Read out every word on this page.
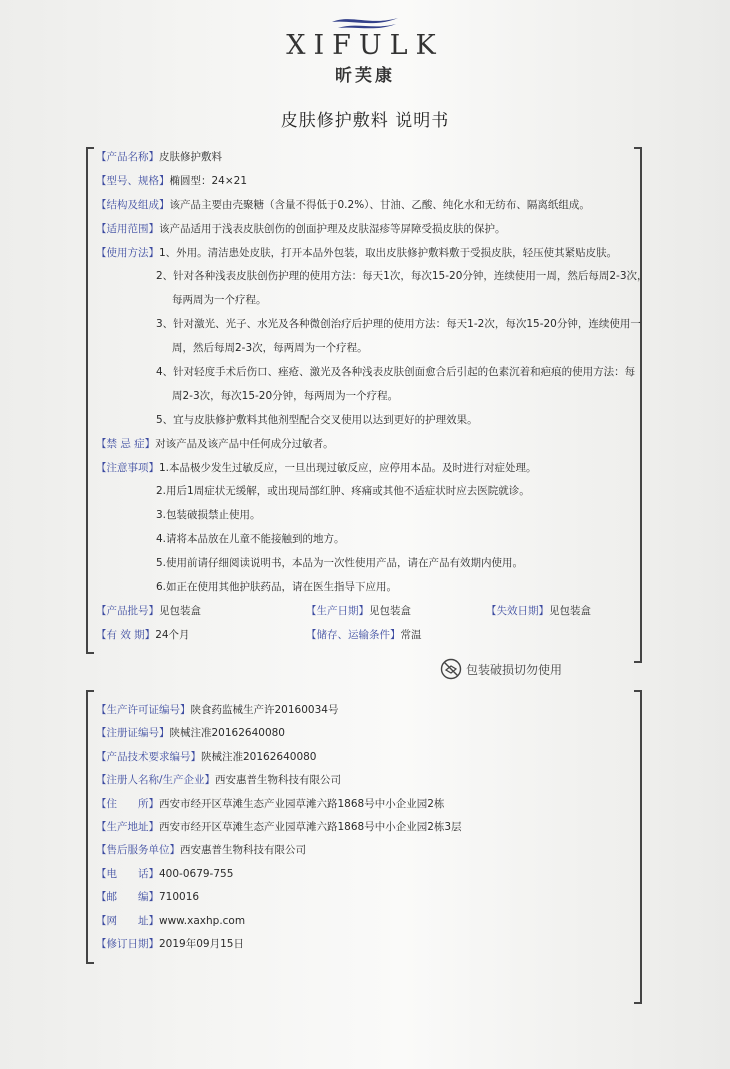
XIFULK
昕芙康
皮肤修护敷料 说明书
【产品名称】皮肤修护敷料
【型号、规格】椭圆型：24×21
【结构及组成】该产品主要由壳聚糖（含量不得低于0.2%）、甘油、乙酸、纯化水和无纺布、隔离纸组成。
【适用范围】该产品适用于浅表皮肤创伤的创面护理及皮肤湿疹等屏障受损皮肤的保护。
【使用方法】1、外用。清洁患处皮肤，打开本品外包装，取出皮肤修护敷料敷于受损皮肤，轻压使其紧贴皮肤。
2、针对各种浅表皮肤创伤护理的使用方法：每天1次，每次15-20分钟，连续使用一周，然后每周2-3次，
每两周为一个疗程。
3、针对激光、光子、水光及各种微创治疗后护理的使用方法：每天1-2次，每次15-20分钟，连续使用一
周，然后每周2-3次，每两周为一个疗程。
4、针对轻度手术后伤口、痤疮、激光及各种浅表皮肤创面愈合后引起的色素沉着和疤痕的使用方法：每
周2-3次，每次15-20分钟，每两周为一个疗程。
5、宜与皮肤修护敷料其他剂型配合交叉使用以达到更好的护理效果。
【禁 忌 症】对该产品及该产品中任何成分过敏者。
【注意事项】1.本品极少发生过敏反应，一旦出现过敏反应，应停用本品。及时进行对症处理。
2.用后1周症状无缓解，或出现局部红肿、疼痛或其他不适症状时应去医院就诊。
3.包装破损禁止使用。
4.请将本品放在儿童不能接触到的地方。
5.使用前请仔细阅读说明书，本品为一次性使用产品，请在产品有效期内使用。
6.如正在使用其他护肤药品，请在医生指导下应用。
【产品批号】见包装盒	【生产日期】见包装盒	【失效日期】见包装盒
【有 效 期】24个月	【储存、运输条件】常温
包装破损切勿使用
【生产许可证编号】陕食药监械生产许20160034号
【注册证编号】陕械注准20162640080
【产品技术要求编号】陕械注准20162640080
【注册人名称/生产企业】西安惠普生物科技有限公司
【住　　所】西安市经开区草滩生态产业园草滩六路1868号中小企业园2栋
【生产地址】西安市经开区草滩生态产业园草滩六路1868号中小企业园2栋3层
【售后服务单位】西安惠普生物科技有限公司
【电　　话】400-0679-755
【邮　　编】710016
【网　　址】www.xaxhp.com
【修订日期】2019年09月15日
